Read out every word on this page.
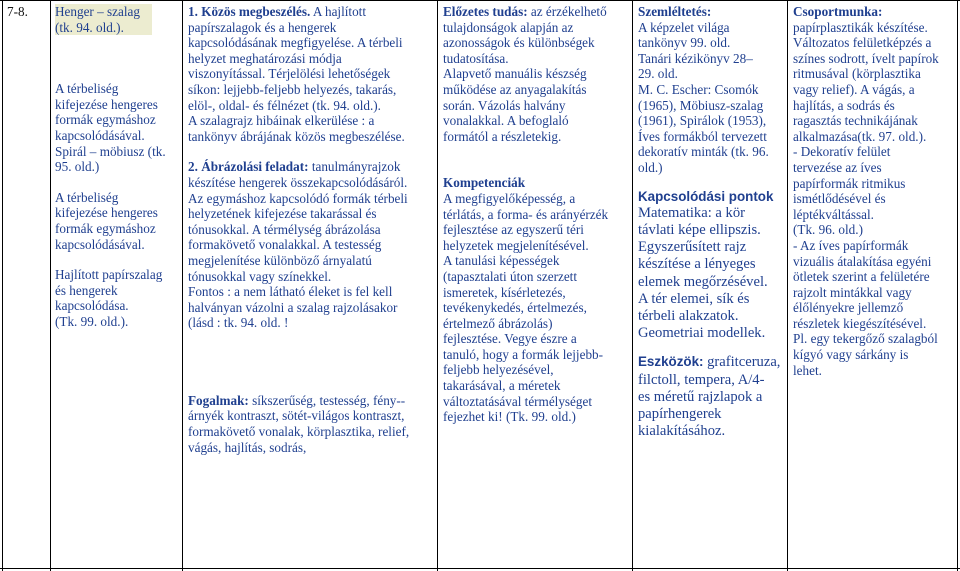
7-8. Henger – szalag
(tk. 94. old.).
A térbeliség
kifejezése hengeres
formák egymáshoz
kapcsolódásával.
Spirál – möbiusz (tk.
95. old.)
A térbeliség
kifejezése hengeres
formák egymáshoz
kapcsolódásával.
Hajlított papírszalag
és hengerek
kapcsolódása.
(Tk. 99. old.).
1. Közös megbeszélés. A hajlított
papírszalagok és a hengerek
kapcsolódásának megfigyelése. A térbeli
helyzet meghatározási módja
viszonyítással. Térjelölési lehetőségek
síkon: lejjebb-feljebb helyezés, takarás,
elöl-, oldal- és félnézet (tk. 94. old.).
A szalagrajz hibáinak elkerülése : a
tankönyv ábrájának közös megbeszélése.
2. Ábrázolási feladat: tanulmányrajzok
készítése hengerek összekapcsolódásáról.
Az egymáshoz kapcsolódó formák térbeli
helyzetének kifejezése takarással és
tónusokkal. A térmélység ábrázolása
formakövető vonalakkal. A testesség
megjelenítése különböző árnyalatú
tónusokkal vagy színekkel.
Fontos : a nem látható éleket is fel kell
halványan vázolni a szalag rajzolásakor
(lásd : tk. 94. old. !
Fogalmak: síkszerűség, testesség, fény--
árnyék kontraszt, sötét-világos kontraszt,
formakövető vonalak, körplasztika, relief,
vágás, hajlítás, sodrás,
Előzetes tudás: az érzékelhető
tulajdonságok alapján az
azonosságok és különbségek
tudatosítása.
Alapvető manuális készség
működése az anyagalakítás
során. Vázolás halvány
vonalakkal. A befoglaló
formától a részletekig.
Kompetenciák
A megfigyelőképesség, a
térlátás, a forma- és arányérzék
fejlesztése az egyszerű téri
helyzetek megjelenítésével.
A tanulási képességek
(tapasztalati úton szerzett
ismeretek, kísérletezés,
tevékenykedés, értelmezés,
értelmező ábrázolás)
fejlesztése. Vegye észre a
tanuló, hogy a formák lejjebb-
feljebb helyezésével,
takarásával, a méretek
változtatásával térmélységet
fejezhet ki! (Tk. 99. old.)
Szemléltetés:
A képzelet világa
tankönyv 99. old.
Tanári kézikönyv 28–
29. old.
M. C. Escher: Csomók
(1965), Möbiusz-szalag
(1961), Spirálok (1953),
Íves formákból tervezett
dekoratív minták (tk. 96.
old.)
Kapcsolódási pontok
Matematika: a kör
távlati képe ellipszis.
Egyszerűsített rajz
készítése a lényeges
elemek megőrzésével.
A tér elemei, sík és
térbeli alakzatok.
Geometriai modellek.
Eszközök: grafitceruza,
filctoll, tempera, A/4-
es méretű rajzlapok a
papírhengerek
kialakításához.
Csoportmunka:
papírplasztikák készítése.
Változatos felületképzés a
színes sodrott, ívelt papírok
ritmusával (körplasztika
vagy relief). A vágás, a
hajlítás, a sodrás és
ragasztás technikájának
alkalmazása(tk. 97. old.).
- Dekoratív felület
tervezése az íves
papírformák ritmikus
ismétlődésével és
léptékváltással.
(Tk. 96. old.)
- Az íves papírformák
vizuális átalakítása egyéni
ötletek szerint a felületére
rajzolt mintákkal vagy
élőlényekre jellemző
részletek kiegészítésével.
Pl. egy tekergőző szalagból
kígyó vagy sárkány is
lehet.
